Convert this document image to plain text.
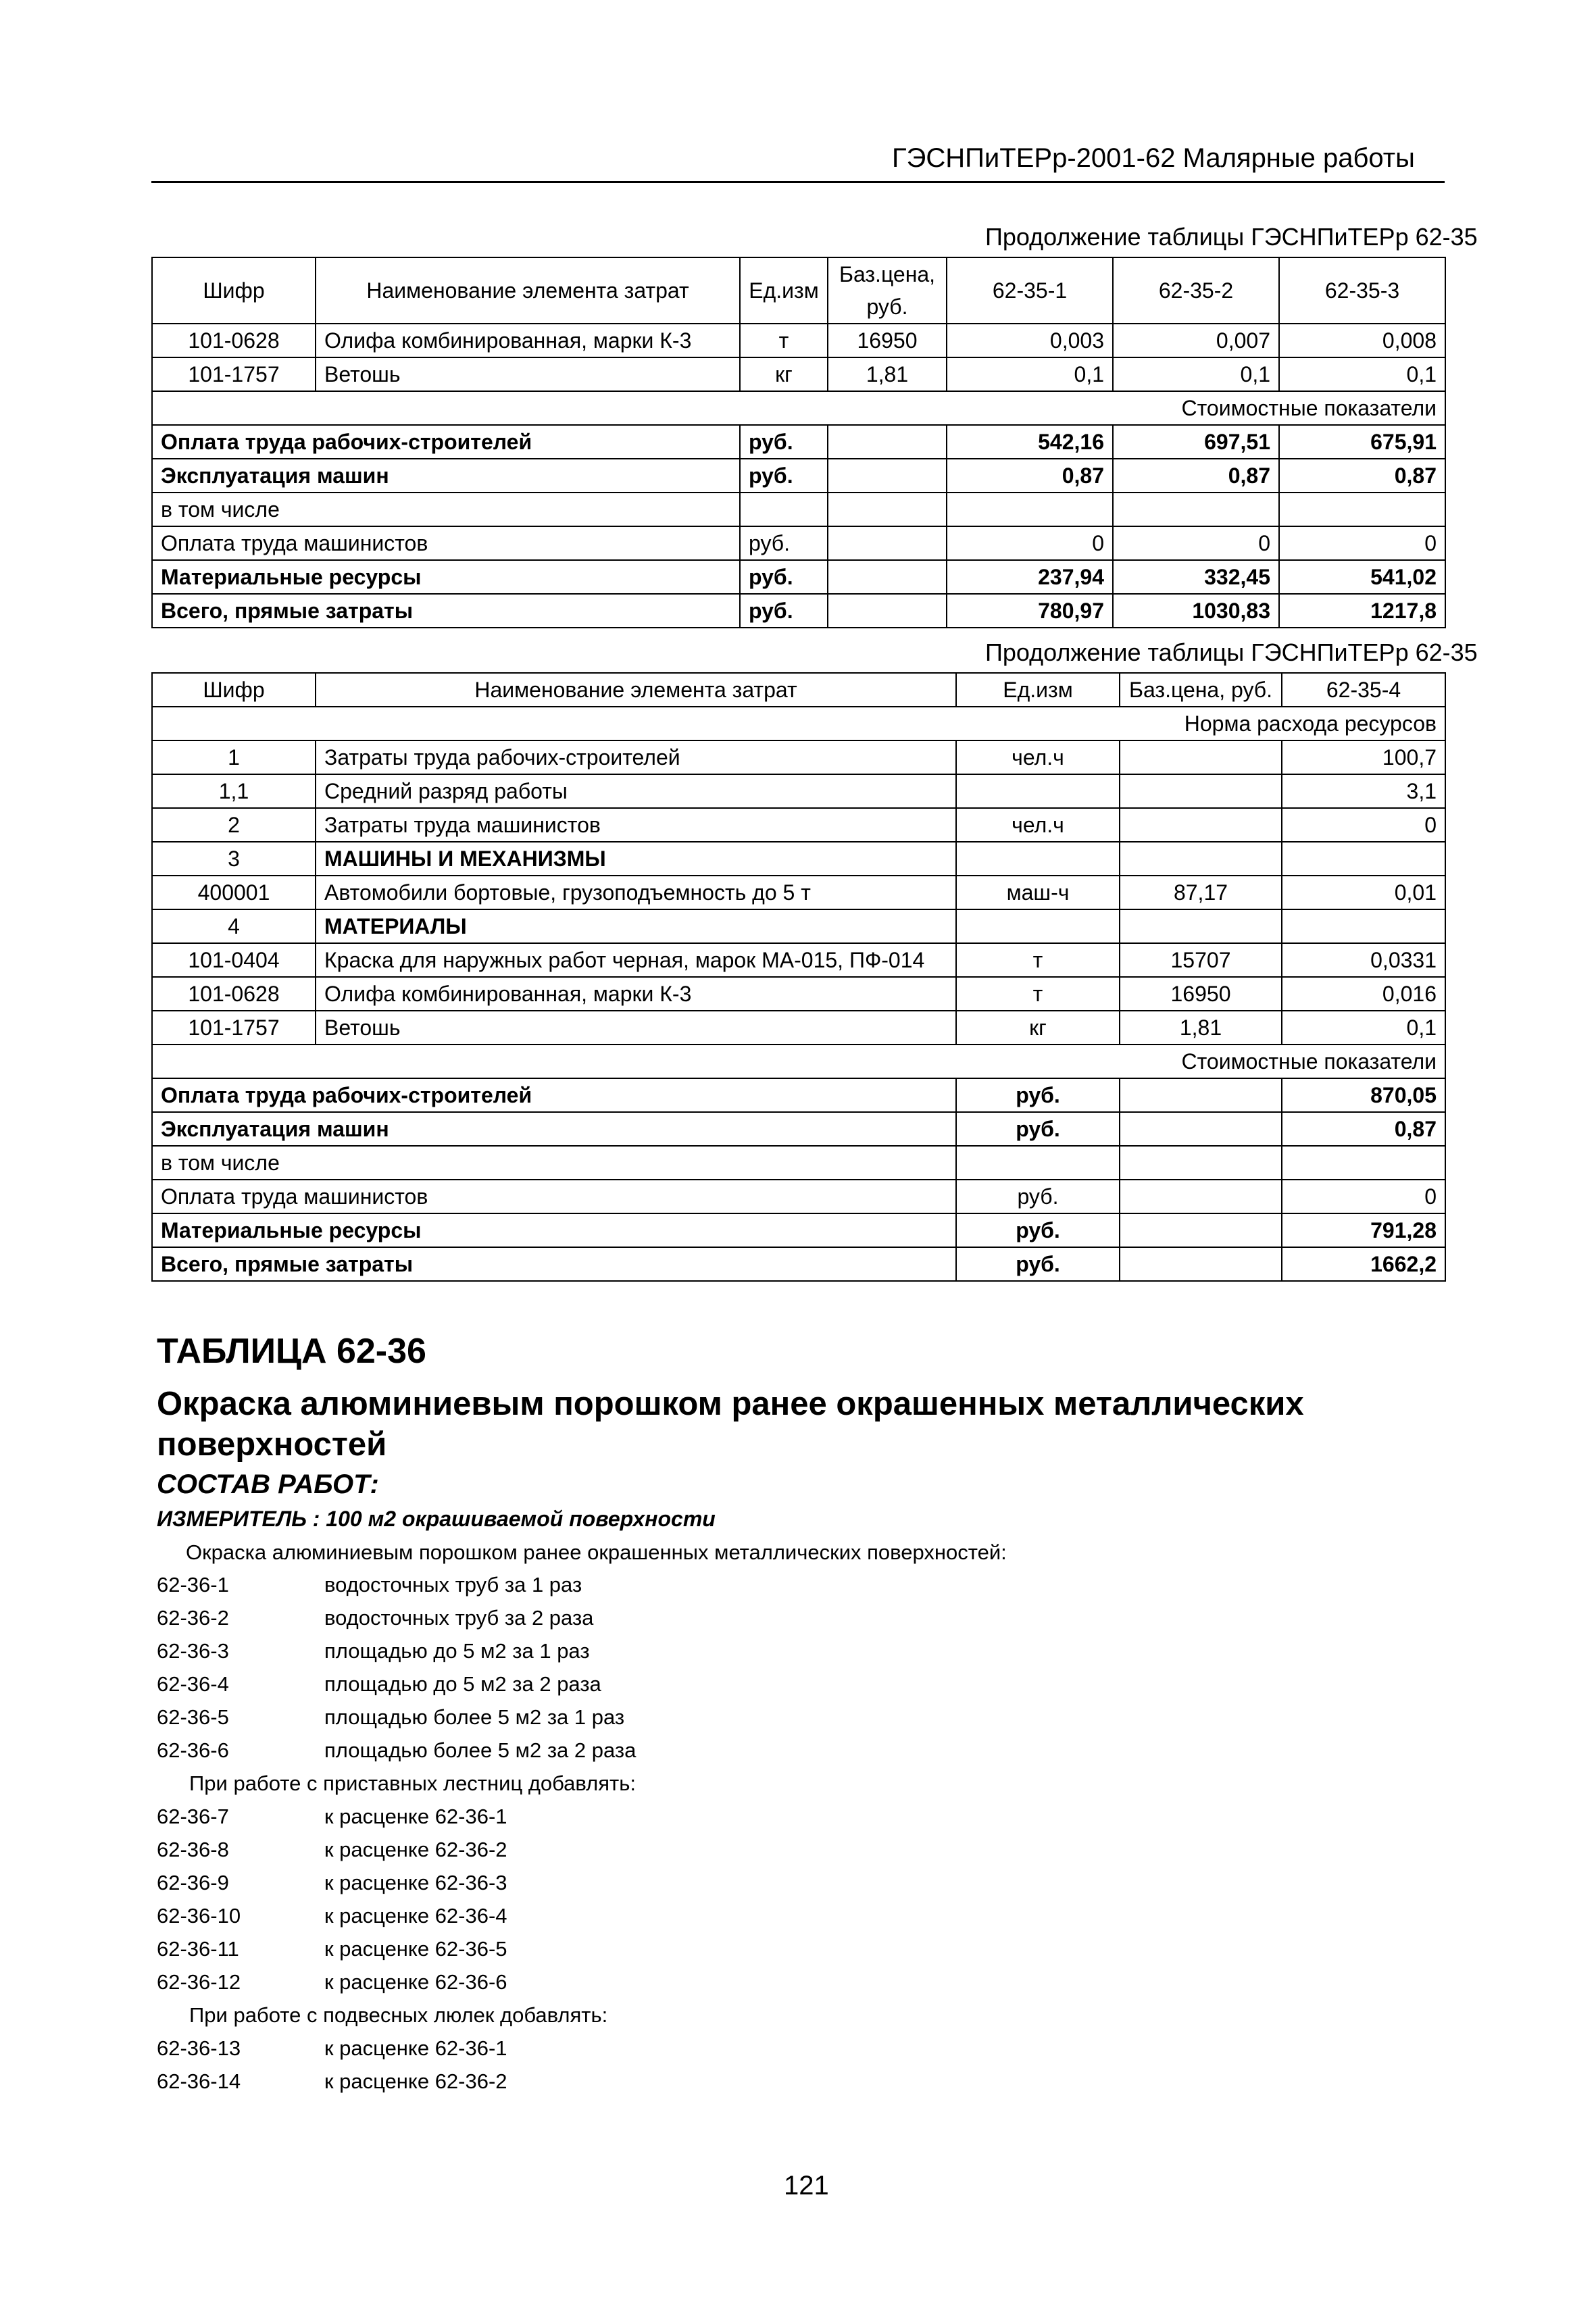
ГЭСНПиТЕРр-2001-62 Малярные работы
Продолжение таблицы ГЭСНПиТЕРр 62-35
Шифр	Наименование элемента затрат	Ед.изм	Баз.цена, руб.	62-35-1	62-35-2	62-35-3
101-0628	Олифа комбинированная, марки К-3	т	16950	0,003	0,007	0,008
101-1757	Ветошь	кг	1,81	0,1	0,1	0,1
Стоимостные показатели						
Оплата труда рабочих-строителей		руб.		542,16	697,51	675,91
Эксплуатация машин		руб.		0,87	0,87	0,87
в том числе						
Оплата труда машинистов		руб.		0	0	0
Материальные ресурсы		руб.		237,94	332,45	541,02
Всего, прямые затраты		руб.		780,97	1030,83	1217,8
Продолжение таблицы ГЭСНПиТЕРр 62-35
Шифр	Наименование элемента затрат	Ед.изм	Баз.цена, руб.	62-35-4
Норма расхода ресурсов				
1	Затраты труда рабочих-строителей	чел.ч		100,7
1,1	Средний разряд работы			3,1
2	Затраты труда машинистов	чел.ч		0
3	МАШИНЫ И МЕХАНИЗМЫ			
400001	Автомобили бортовые, грузоподъемность до 5 т	маш-ч	87,17	0,01
4	МАТЕРИАЛЫ			
101-0404	Краска для наружных работ черная, марок МА-015, ПФ-014	т	15707	0,0331
101-0628	Олифа комбинированная, марки К-3	т	16950	0,016
101-1757	Ветошь	кг	1,81	0,1
Стоимостные показатели				
Оплата труда рабочих-строителей		руб.		870,05
Эксплуатация машин		руб.		0,87
в том числе				
Оплата труда машинистов		руб.		0
Материальные ресурсы		руб.		791,28
Всего, прямые затраты		руб.		1662,2
ТАБЛИЦА 62-36
Окраска алюминиевым порошком ранее окрашенных металлических поверхностей
СОСТАВ РАБОТ:
ИЗМЕРИТЕЛЬ : 100 м2 окрашиваемой поверхности
Окраска алюминиевым порошком ранее окрашенных металлических поверхностей:
62-36-1	водосточных труб за 1 раз
62-36-2	водосточных труб за 2 раза
62-36-3	площадью до 5 м2 за 1 раз
62-36-4	площадью до 5 м2 за 2 раза
62-36-5	площадью более 5 м2 за 1 раз
62-36-6	площадью более 5 м2 за 2 раза
При работе с приставных лестниц добавлять:
62-36-7	к расценке 62-36-1
62-36-8	к расценке 62-36-2
62-36-9	к расценке 62-36-3
62-36-10	к расценке 62-36-4
62-36-11	к расценке 62-36-5
62-36-12	к расценке 62-36-6
При работе с подвесных люлек добавлять:
62-36-13	к расценке 62-36-1
62-36-14	к расценке 62-36-2
121
